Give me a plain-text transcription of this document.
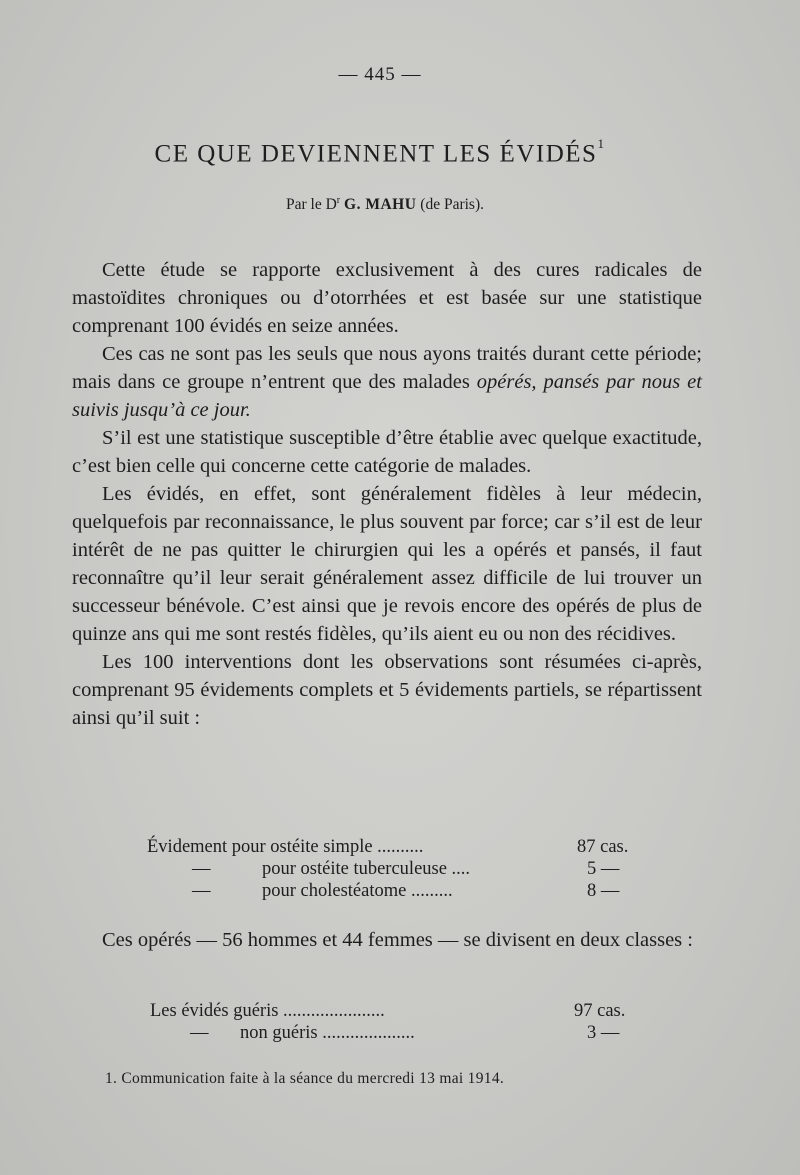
— 445 —
CE QUE DEVIENNENT LES ÉVIDÉS$^1$
Par le $D^r$ G. MAHU (de Paris).

Cette étude se rapporte exclusivement à des cures radicales de mastoïdites chroniques ou d’otorrhées et est basée sur une statistique comprenant 100 évidés en seize années.

Ces cas ne sont pas les seuls que nous ayons traités durant cette période; mais dans ce groupe n’entrent que des malades opérés, pansés par nous et suivis jusqu’à ce jour.

S’il est une statistique susceptible d’être établie avec quelque exactitude, c’est bien celle qui concerne cette catégorie de malades.

Les évidés, en effet, sont généralement fidèles à leur médecin, quelquefois par reconnaissance, le plus souvent par force; car s’il est de leur intérêt de ne pas quitter le chirurgien qui les a opérés et pansés, il faut reconnaître qu’il leur serait généralement assez difficile de lui trouver un successeur bénévole. C’est ainsi que je revois encore des opérés de plus de quinze ans qui me sont restés fidèles, qu’ils aient eu ou non des récidives.

Les 100 interventions dont les observations sont résumées ci-après, comprenant 95 évidements complets et 5 évidements partiels, se répartissent ainsi qu’il suit :

Évidement pour ostéite simple ..........	87 cas.
—	pour ostéite tuberculeuse ....	5 —
—	pour cholestéatome .........	8 —

Ces opérés — 56 hommes et 44 femmes — se divisent en deux classes :

Les évidés guéris ......................	97 cas.
— non guéris ....................	3 —
1. Communication faite à la séance du mercredi 13 mai 1914.
